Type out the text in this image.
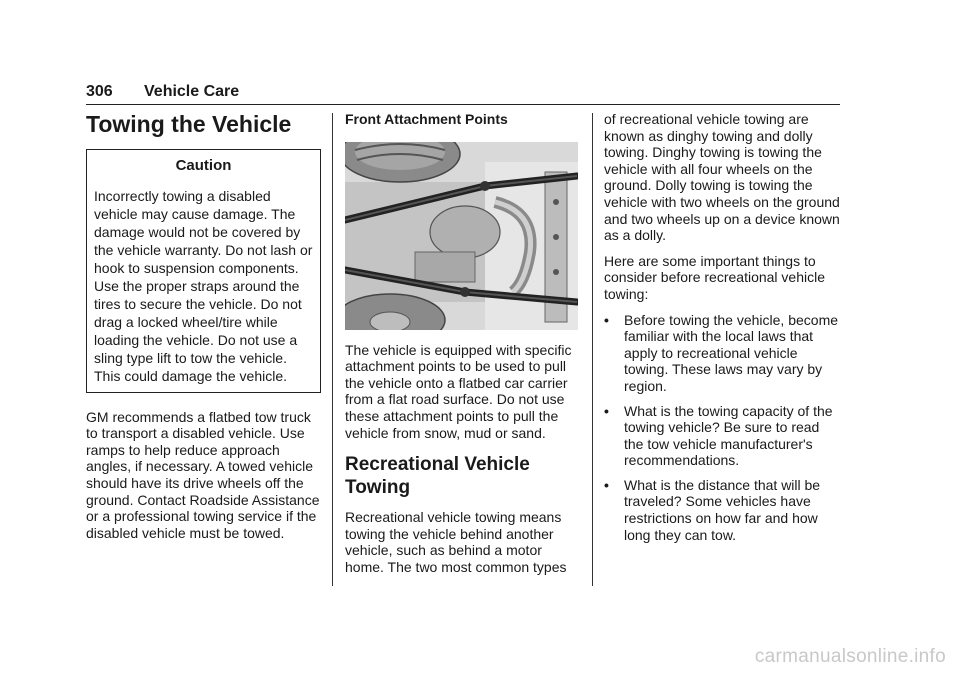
306 Vehicle Care
Towing the Vehicle
Caution
Incorrectly towing a disabled vehicle may cause damage. The damage would not be covered by the vehicle warranty. Do not lash or hook to suspension components. Use the proper straps around the tires to secure the vehicle. Do not drag a locked wheel/tire while loading the vehicle. Do not use a sling type lift to tow the vehicle. This could damage the vehicle.
GM recommends a flatbed tow truck to transport a disabled vehicle. Use ramps to help reduce approach angles, if necessary. A towed vehicle should have its drive wheels off the ground. Contact Roadside Assistance or a professional towing service if the disabled vehicle must be towed.
Front Attachment Points
The vehicle is equipped with specific attachment points to be used to pull the vehicle onto a flatbed car carrier from a flat road surface. Do not use these attachment points to pull the vehicle from snow, mud or sand.
Recreational Vehicle Towing
Recreational vehicle towing means towing the vehicle behind another vehicle, such as behind a motor home. The two most common types
of recreational vehicle towing are known as dinghy towing and dolly towing. Dinghy towing is towing the vehicle with all four wheels on the ground. Dolly towing is towing the vehicle with two wheels on the ground and two wheels up on a device known as a dolly.
Here are some important things to consider before recreational vehicle towing:
•	Before towing the vehicle, become familiar with the local laws that apply to recreational vehicle towing. These laws may vary by region.
•	What is the towing capacity of the towing vehicle? Be sure to read the tow vehicle manufacturer's recommendations.
•	What is the distance that will be traveled? Some vehicles have restrictions on how far and how long they can tow.
carmanualsonline.info
